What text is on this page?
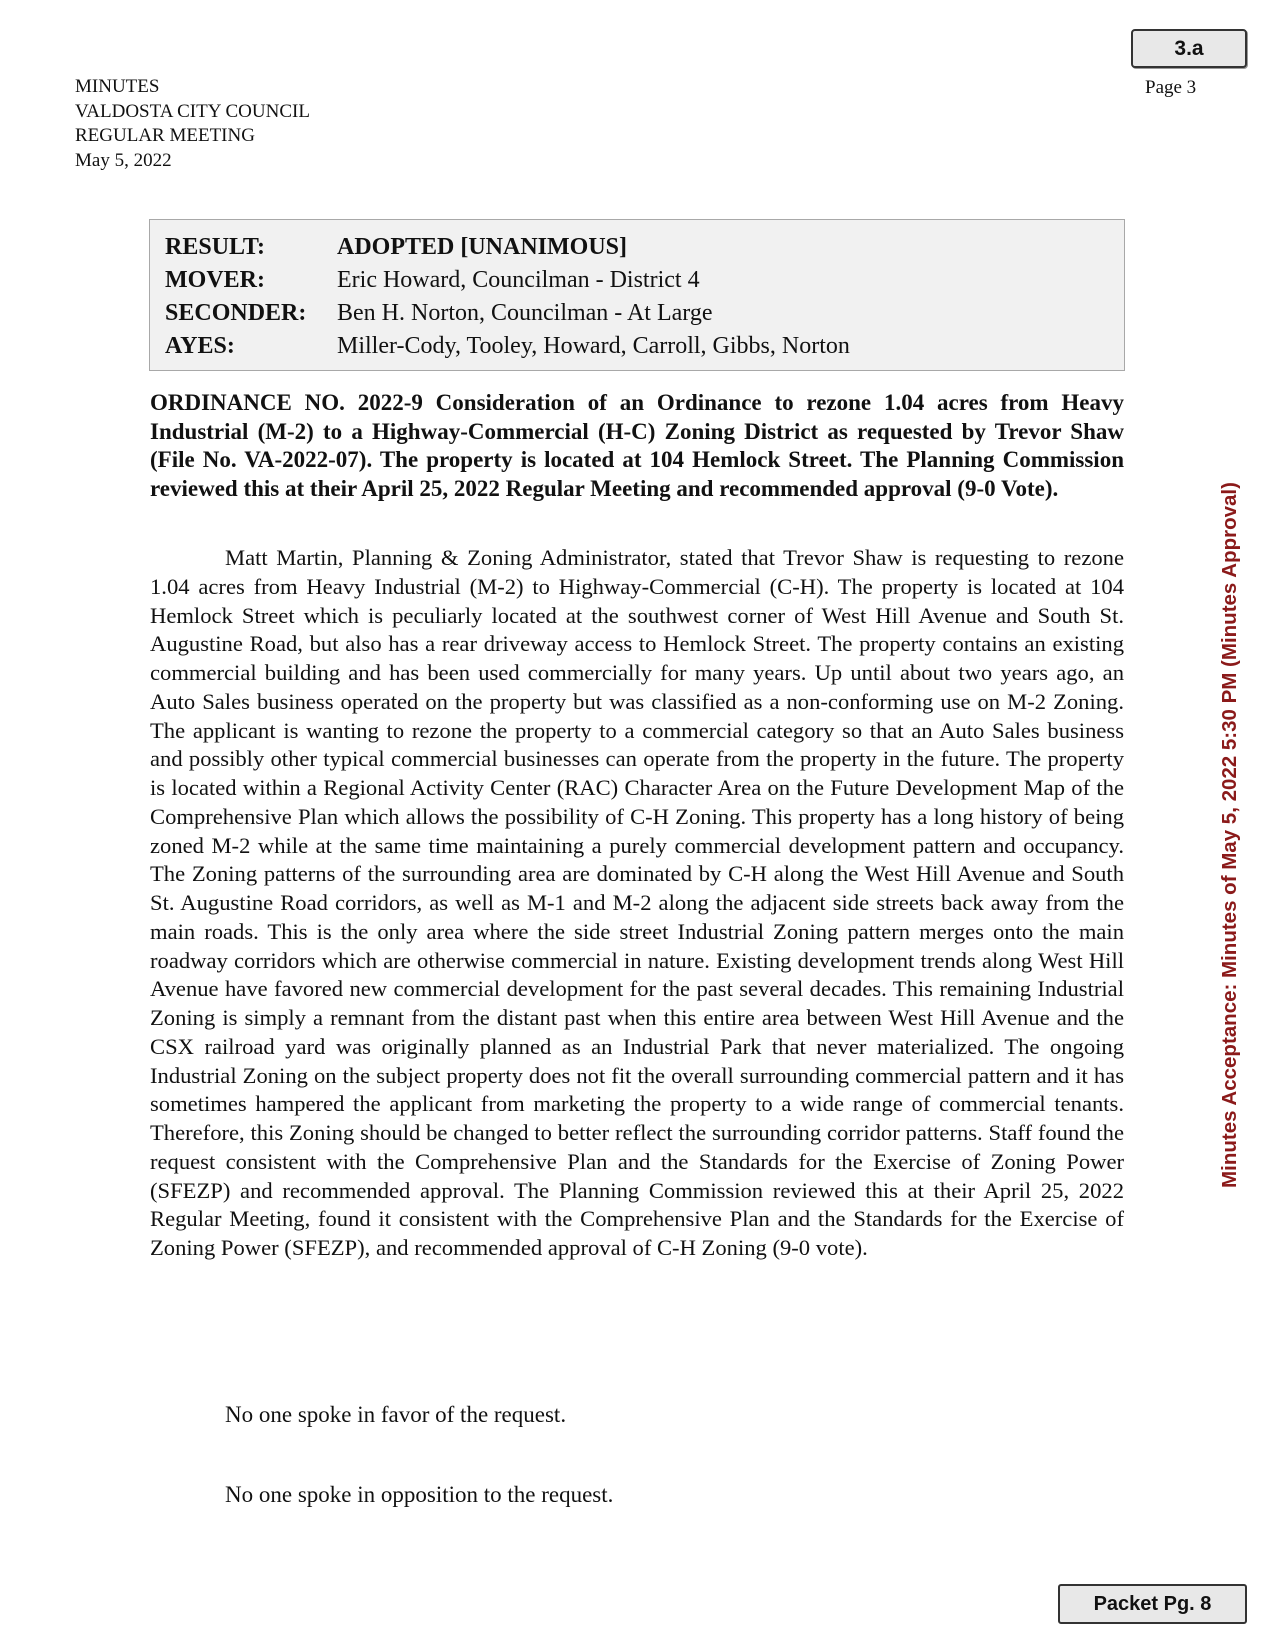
3.a
MINUTES
VALDOSTA CITY COUNCIL
REGULAR MEETING
May 5, 2022
Page 3
RESULT:	ADOPTED [UNANIMOUS]
MOVER:	Eric Howard, Councilman - District 4
SECONDER:	Ben H. Norton, Councilman - At Large
AYES:	Miller-Cody, Tooley, Howard, Carroll, Gibbs, Norton
ORDINANCE NO. 2022-9 Consideration of an Ordinance to rezone 1.04 acres from Heavy Industrial (M-2) to a Highway-Commercial (H-C) Zoning District as requested by Trevor Shaw (File No. VA-2022-07). The property is located at 104 Hemlock Street. The Planning Commission reviewed this at their April 25, 2022 Regular Meeting and recommended approval (9-0 Vote).
Matt Martin, Planning & Zoning Administrator, stated that Trevor Shaw is requesting to rezone 1.04 acres from Heavy Industrial (M-2) to Highway-Commercial (C-H). The property is located at 104 Hemlock Street which is peculiarly located at the southwest corner of West Hill Avenue and South St. Augustine Road, but also has a rear driveway access to Hemlock Street. The property contains an existing commercial building and has been used commercially for many years. Up until about two years ago, an Auto Sales business operated on the property but was classified as a non-conforming use on M-2 Zoning. The applicant is wanting to rezone the property to a commercial category so that an Auto Sales business and possibly other typical commercial businesses can operate from the property in the future. The property is located within a Regional Activity Center (RAC) Character Area on the Future Development Map of the Comprehensive Plan which allows the possibility of C-H Zoning. This property has a long history of being zoned M-2 while at the same time maintaining a purely commercial development pattern and occupancy. The Zoning patterns of the surrounding area are dominated by C-H along the West Hill Avenue and South St. Augustine Road corridors, as well as M-1 and M-2 along the adjacent side streets back away from the main roads. This is the only area where the side street Industrial Zoning pattern merges onto the main roadway corridors which are otherwise commercial in nature. Existing development trends along West Hill Avenue have favored new commercial development for the past several decades. This remaining Industrial Zoning is simply a remnant from the distant past when this entire area between West Hill Avenue and the CSX railroad yard was originally planned as an Industrial Park that never materialized. The ongoing Industrial Zoning on the subject property does not fit the overall surrounding commercial pattern and it has sometimes hampered the applicant from marketing the property to a wide range of commercial tenants. Therefore, this Zoning should be changed to better reflect the surrounding corridor patterns. Staff found the request consistent with the Comprehensive Plan and the Standards for the Exercise of Zoning Power (SFEZP) and recommended approval. The Planning Commission reviewed this at their April 25, 2022 Regular Meeting, found it consistent with the Comprehensive Plan and the Standards for the Exercise of Zoning Power (SFEZP), and recommended approval of C-H Zoning (9-0 vote).
No one spoke in favor of the request.
No one spoke in opposition to the request.
Minutes Acceptance: Minutes of May 5, 2022 5:30 PM (Minutes Approval)
Packet Pg. 8
